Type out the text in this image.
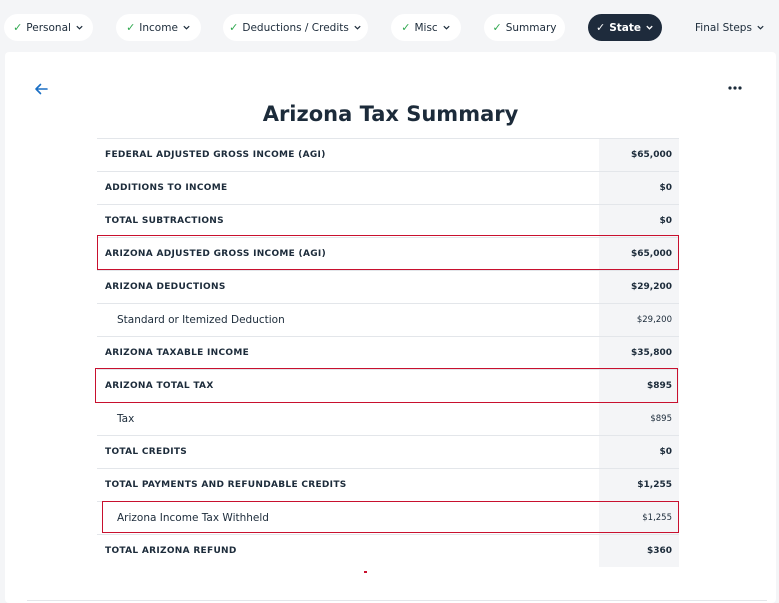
✓ Personal	✓ Income	✓ Deductions / Credits	✓ Misc	✓ Summary	✓ State	Final Steps
Arizona Tax Summary
FEDERAL ADJUSTED GROSS INCOME (AGI)	$65,000
ADDITIONS TO INCOME	$0
TOTAL SUBTRACTIONS	$0
ARIZONA ADJUSTED GROSS INCOME (AGI)	$65,000
ARIZONA DEDUCTIONS	$29,200
Standard or Itemized Deduction	$29,200
ARIZONA TAXABLE INCOME	$35,800
ARIZONA TOTAL TAX	$895
Tax	$895
TOTAL CREDITS	$0
TOTAL PAYMENTS AND REFUNDABLE CREDITS	$1,255
Arizona Income Tax Withheld	$1,255
TOTAL ARIZONA REFUND	$360
